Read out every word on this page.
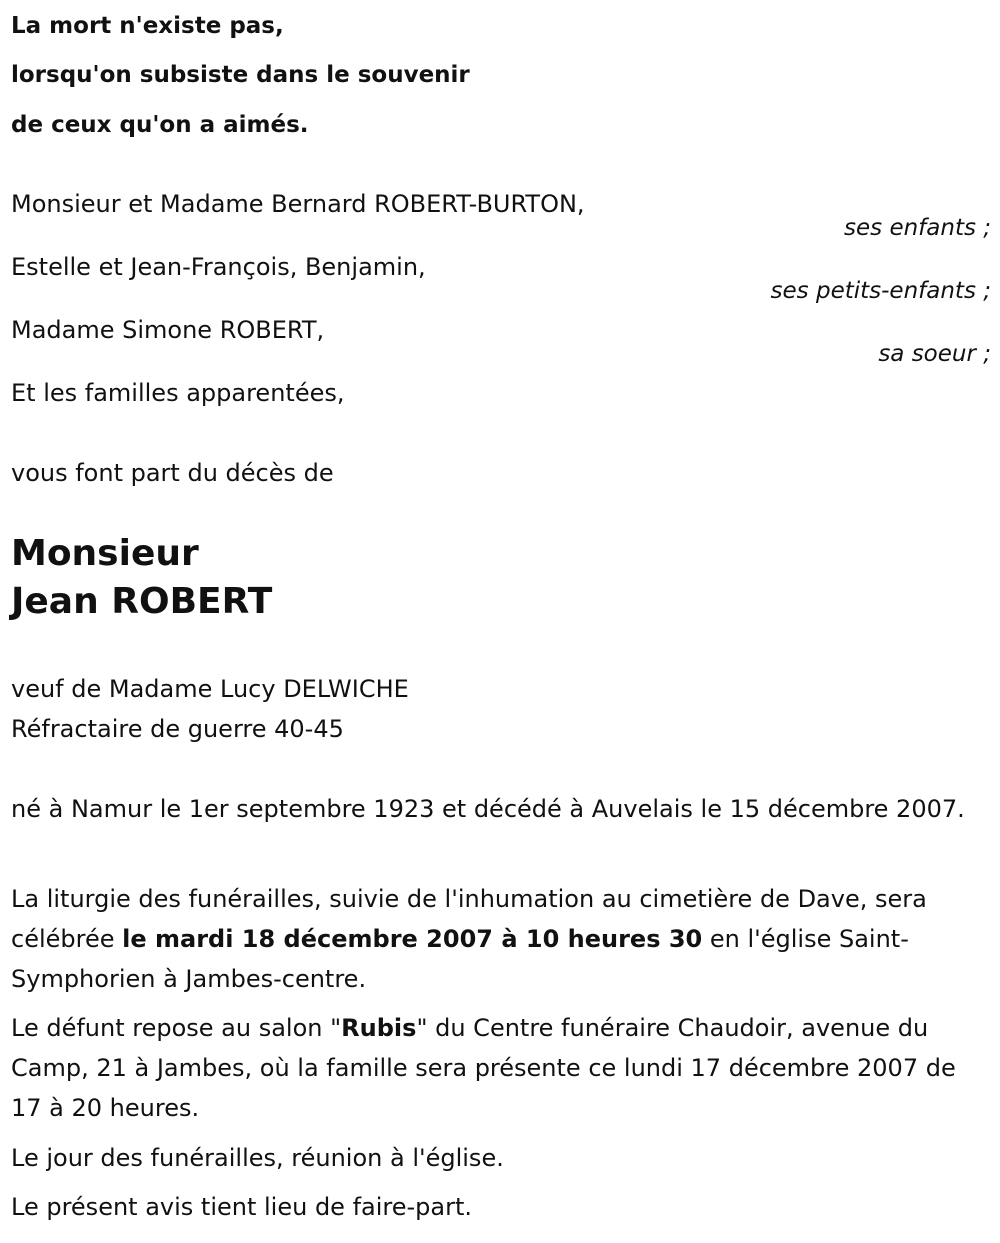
La mort n'existe pas,
lorsqu'on subsiste dans le souvenir
de ceux qu'on a aimés.
Monsieur et Madame Bernard ROBERT-BURTON,
ses enfants ;
Estelle et Jean-François, Benjamin,
ses petits-enfants ;
Madame Simone ROBERT,
sa soeur ;
Et les familles apparentées,
vous font part du décès de
Monsieur
Jean ROBERT
veuf de Madame Lucy DELWICHE
Réfractaire de guerre 40-45
né à Namur le 1er septembre 1923 et décédé à Auvelais le 15 décembre 2007.
La liturgie des funérailles, suivie de l'inhumation au cimetière de Dave, sera célébrée le mardi 18 décembre 2007 à 10 heures 30 en l'église Saint-Symphorien à Jambes-centre.
Le défunt repose au salon "Rubis" du Centre funéraire Chaudoir, avenue du Camp, 21 à Jambes, où la famille sera présente ce lundi 17 décembre 2007 de 17 à 20 heures.
Le jour des funérailles, réunion à l'église.
Le présent avis tient lieu de faire-part.
